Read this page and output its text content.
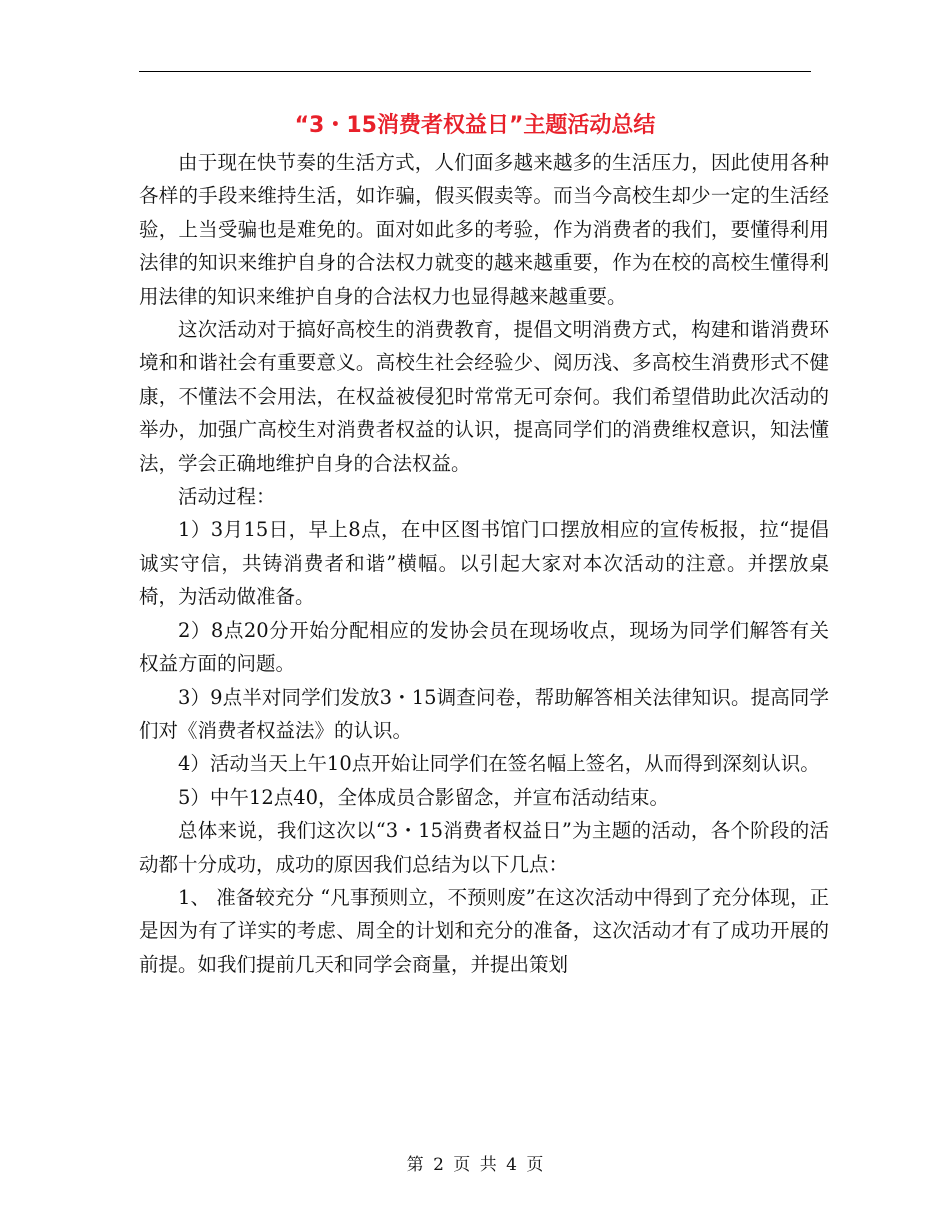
“3・15消费者权益日”主题活动总结

由于现在快节奏的生活方式，人们面多越来越多的生活压力，因此使用各种各样的手段来维持生活，如诈骗，假买假卖等。而当今高校生却少一定的生活经验，上当受骗也是难免的。面对如此多的考验，作为消费者的我们，要懂得利用法律的知识来维护自身的合法权力就变的越来越重要，作为在校的高校生懂得利用法律的知识来维护自身的合法权力也显得越来越重要。

这次活动对于搞好高校生的消费教育，提倡文明消费方式，构建和谐消费环境和和谐社会有重要意义。高校生社会经验少、阅历浅、多高校生消费形式不健康，不懂法不会用法，在权益被侵犯时常常无可奈何。我们希望借助此次活动的举办，加强广高校生对消费者权益的认识，提高同学们的消费维权意识，知法懂法，学会正确地维护自身的合法权益。

活动过程：

1）3月15日，早上8点，在中区图书馆门口摆放相应的宣传板报，拉“提倡诚实守信，共铸消费者和谐”横幅。以引起大家对本次活动的注意。并摆放桌椅，为活动做准备。

2）8点20分开始分配相应的发协会员在现场收点，现场为同学们解答有关权益方面的问题。

3）9点半对同学们发放3・15调查问卷，帮助解答相关法律知识。提高同学们对《消费者权益法》的认识。

4）活动当天上午10点开始让同学们在签名幅上签名，从而得到深刻认识。

5）中午12点40，全体成员合影留念，并宣布活动结束。

总体来说，我们这次以“3・15消费者权益日”为主题的活动，各个阶段的活动都十分成功，成功的原因我们总结为以下几点：

1、 准备较充分 “凡事预则立，不预则废”在这次活动中得到了充分体现，正是因为有了详实的考虑、周全的计划和充分的准备，这次活动才有了成功开展的前提。如我们提前几天和同学会商量，并提出策划

第 2 页 共 4 页
